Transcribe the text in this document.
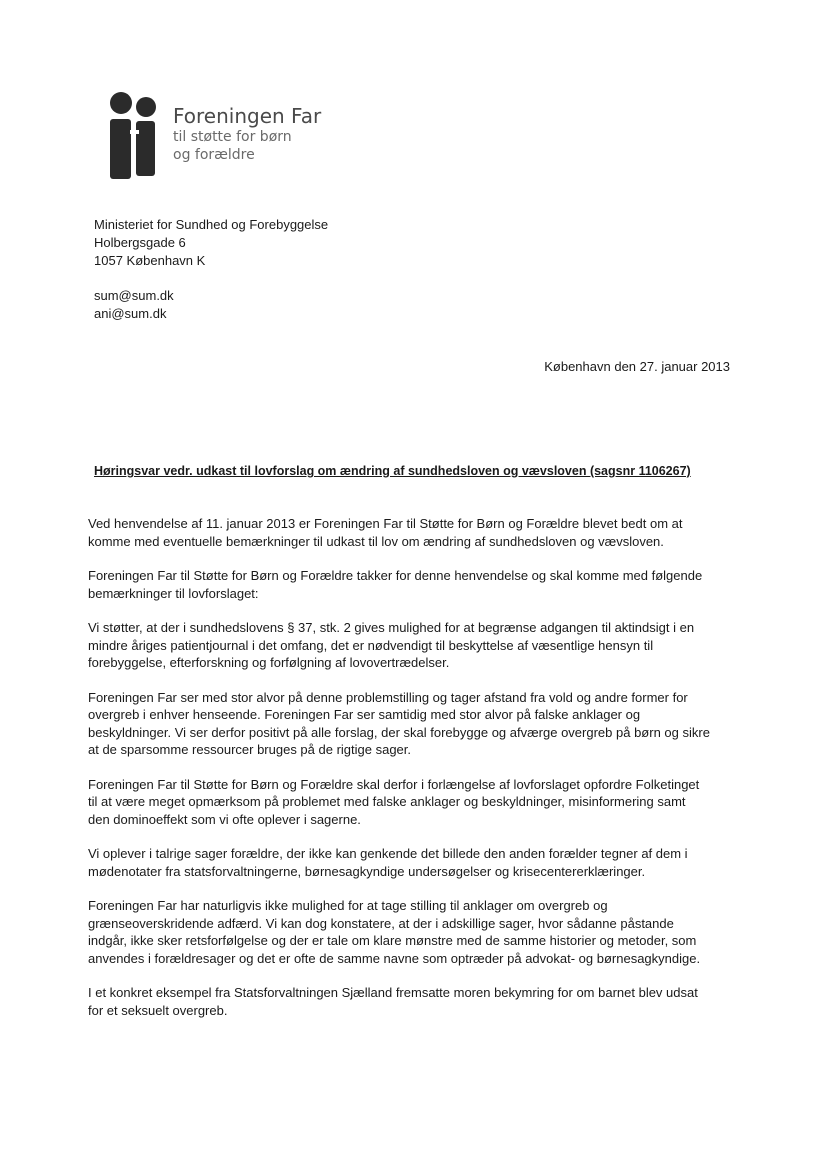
Foreningen Far
til støtte for børn
og forældre
Ministeriet for Sundhed og Forebyggelse
Holbergsgade 6
1057 København K
sum@sum.dk
ani@sum.dk
København den 27. januar 2013
Høringsvar vedr. udkast til lovforslag om ændring af sundhedsloven og vævsloven (sagsnr 1106267)

Ved henvendelse af 11. januar 2013 er Foreningen Far til Støtte for Børn og Forældre blevet bedt om at
komme med eventuelle bemærkninger til udkast til lov om ændring af sundhedsloven og vævsloven.

Foreningen Far til Støtte for Børn og Forældre takker for denne henvendelse og skal komme med følgende
bemærkninger til lovforslaget:

Vi støtter, at der i sundhedslovens § 37, stk. 2 gives mulighed for at begrænse adgangen til aktindsigt i en
mindre åriges patientjournal i det omfang, det er nødvendigt til beskyttelse af væsentlige hensyn til
forebyggelse, efterforskning og forfølgning af lovovertrædelser.

Foreningen Far ser med stor alvor på denne problemstilling og tager afstand fra vold og andre former for
overgreb i enhver henseende. Foreningen Far ser samtidig med stor alvor på falske anklager og
beskyldninger. Vi ser derfor positivt på alle forslag, der skal forebygge og afværge overgreb på børn og sikre
at de sparsomme ressourcer bruges på de rigtige sager.

Foreningen Far til Støtte for Børn og Forældre skal derfor i forlængelse af lovforslaget opfordre Folketinget
til at være meget opmærksom på problemet med falske anklager og beskyldninger, misinformering samt
den dominoeffekt som vi ofte oplever i sagerne.

Vi oplever i talrige sager forældre, der ikke kan genkende det billede den anden forælder tegner af dem i
mødenotater fra statsforvaltningerne, børnesagkyndige undersøgelser og krisecentererklæringer.

Foreningen Far har naturligvis ikke mulighed for at tage stilling til anklager om overgreb og
grænseoverskridende adfærd. Vi kan dog konstatere, at der i adskillige sager, hvor sådanne påstande
indgår, ikke sker retsforfølgelse og der er tale om klare mønstre med de samme historier og metoder, som
anvendes i forældresager og det er ofte de samme navne som optræder på advokat- og børnesagkyndige.

I et konkret eksempel fra Statsforvaltningen Sjælland fremsatte moren bekymring for om barnet blev udsat
for et seksuelt overgreb.
